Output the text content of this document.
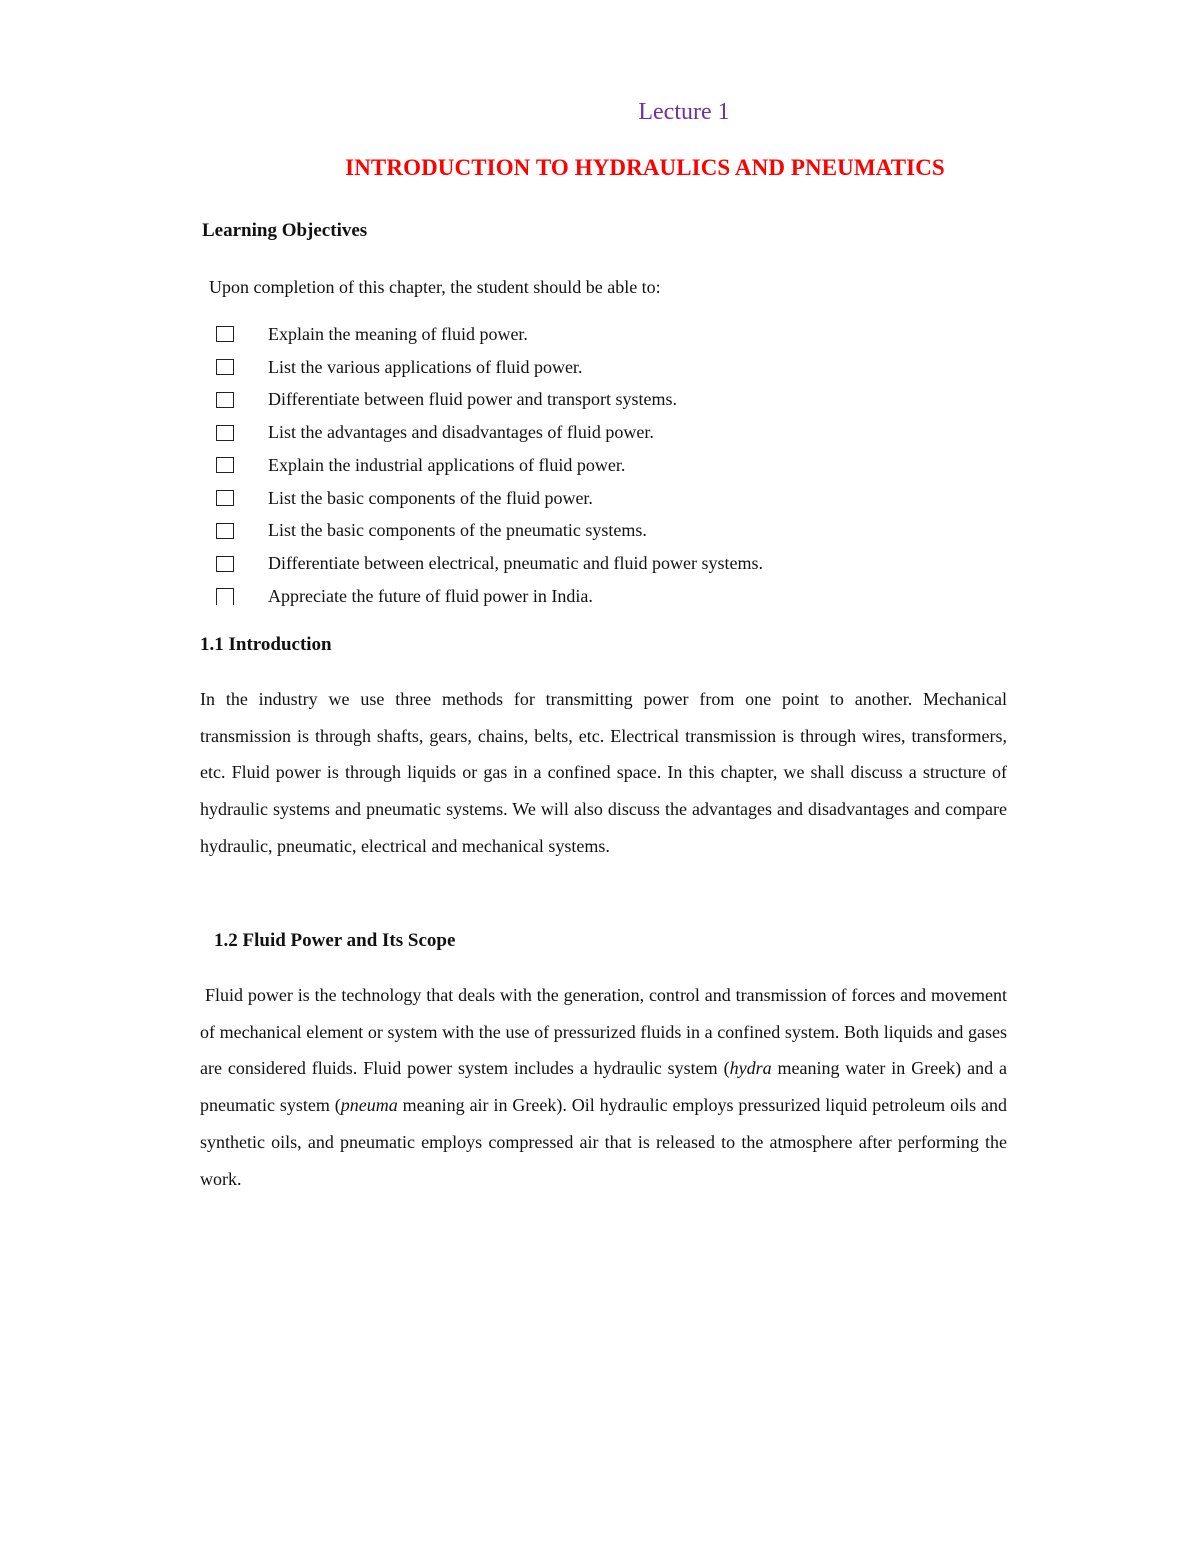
Lecture 1
INTRODUCTION TO HYDRAULICS AND PNEUMATICS
Learning Objectives
Upon completion of this chapter, the student should be able to:
Explain the meaning of fluid power.
List the various applications of fluid power.
Differentiate between fluid power and transport systems.
List the advantages and disadvantages of fluid power.
Explain the industrial applications of fluid power.
List the basic components of the fluid power.
List the basic components of the pneumatic systems.
Differentiate between electrical, pneumatic and fluid power systems.
Appreciate the future of fluid power in India.
1.1 Introduction

In the industry we use three methods for transmitting power from one point to another. Mechanical transmission is through shafts, gears, chains, belts, etc. Electrical transmission is through wires, transformers, etc. Fluid power is through liquids or gas in a confined space. In this chapter, we shall discuss a structure of hydraulic systems and pneumatic systems. We will also discuss the advantages and disadvantages and compare hydraulic, pneumatic, electrical and mechanical systems.

1.2 Fluid Power and Its Scope

Fluid power is the technology that deals with the generation, control and transmission of forces and movement of mechanical element or system with the use of pressurized fluids in a confined system. Both liquids and gases are considered fluids. Fluid power system includes a hydraulic system (hydra meaning water in Greek) and a pneumatic system (pneuma meaning air in Greek). Oil hydraulic employs pressurized liquid petroleum oils and synthetic oils, and pneumatic employs compressed air that is released to the atmosphere after performing the work.
